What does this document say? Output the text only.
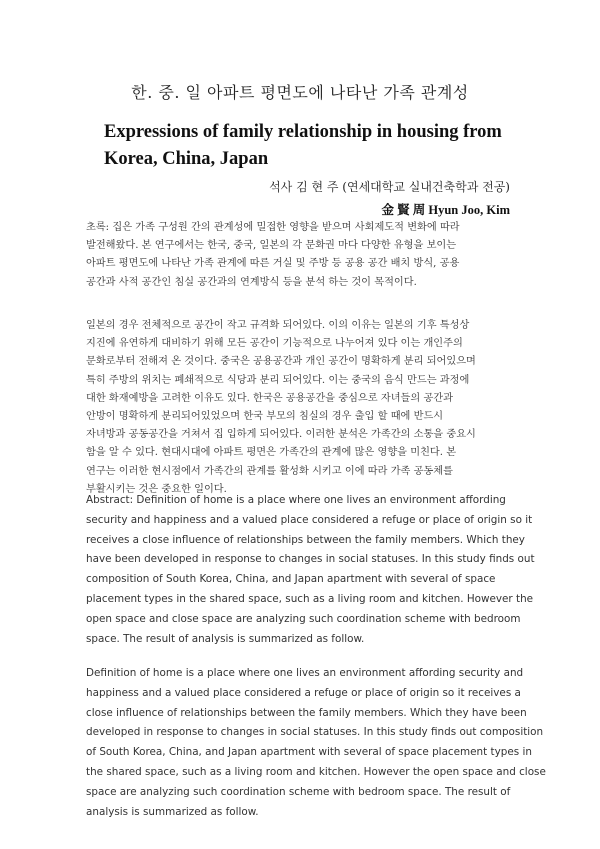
한. 중. 일 아파트 평면도에 나타난 가족 관계성
Expressions of family relationship in housing from Korea, China, Japan
석사 김 현 주 (연세대학교 실내건축학과 전공)
金 賢 周 Hyun Joo, Kim
초록: 집은 가족 구성원 간의 관계성에 밀접한 영향을 받으며 사회제도적 변화에 따라
발전해왔다. 본 연구에서는 한국, 중국, 일본의 각 문화권 마다 다양한 유형을 보이는
아파트 평면도에 나타난 가족 관계에 따른 거실 및 주방 등 공용 공간 배치 방식, 공용
공간과 사적 공간인 침실 공간과의 연계방식 등을 분석 하는 것이 목적이다.
일본의 경우 전체적으로 공간이 작고 규격화 되어있다. 이의 이유는 일본의 기후 특성상
지진에 유연하게 대비하기 위해 모든 공간이 기능적으로 나누어져 있다 이는 개인주의
문화로부터 전해져 온 것이다. 중국은 공용공간과 개인 공간이 명확하게 분리 되어있으며
특히 주방의 위치는 폐쇄적으로 식당과 분리 되어있다. 이는 중국의 음식 만드는 과정에
대한 화재예방을 고려한 이유도 있다. 한국은 공용공간을 중심으로 자녀들의 공간과
안방이 명확하게 분리되어있었으며 한국 부모의 침실의 경우 출입 할 때에 반드시
자녀방과 공동공간을 거쳐서 집 입하게 되어있다. 이러한 분석은 가족간의 소통을 중요시
함을 알 수 있다. 현대시대에 아파트 평면은 가족간의 관계에 많은 영향을 미친다. 본
연구는 이러한 현시점에서 가족간의 관계를 활성화 시키고 이에 따라 가족 공동체를
부활시키는 것은 중요한 일이다.
Abstract: Definition of home is a place where one lives an environment affording
security and happiness and a valued place considered a refuge or place of origin so it
receives a close influence of relationships between the family members. Which they
have been developed in response to changes in social statuses. In this study finds out
composition of South Korea, China, and Japan apartment with several of space
placement types in the shared space, such as a living room and kitchen. However the
open space and close space are analyzing such coordination scheme with bedroom
space. The result of analysis is summarized as follow.
Definition of home is a place where one lives an environment affording security and
happiness and a valued place considered a refuge or place of origin so it receives a
close influence of relationships between the family members. Which they have been
developed in response to changes in social statuses. In this study finds out composition
of South Korea, China, and Japan apartment with several of space placement types in
the shared space, such as a living room and kitchen. However the open space and close
space are analyzing such coordination scheme with bedroom space. The result of
analysis is summarized as follow.
